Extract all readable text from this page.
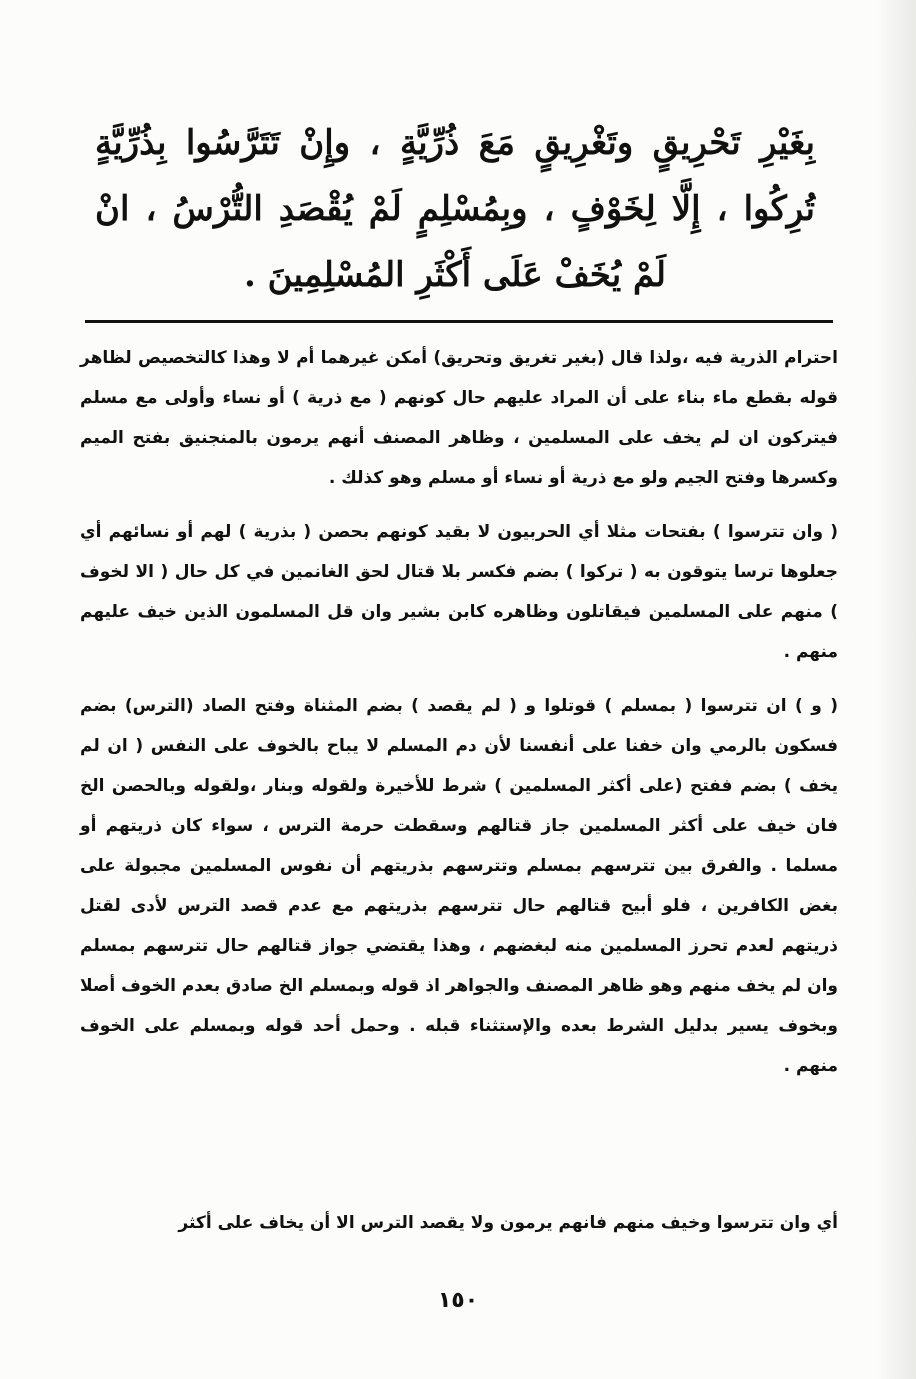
بِغَيْرِ تَحْرِيقٍ وتَغْرِيقٍ مَعَ ذُرِّيَّةٍ ، وإِنْ تَتَرَّسُوا بِذُرِّيَّةٍ تُرِكُوا ، إِلَّا لِخَوْفٍ ، وبِمُسْلِمٍ لَمْ يُقْصَدِ التُّرْسُ ، انْ لَمْ يُخَفْ عَلَى أَكْثَرِ المُسْلِمِينَ .

احترام الذرية فيه ،ولذا قال (بغير تغريق وتحريق) أمكن غيرهما أم لا وهذا كالتخصيص لظاهر قوله بقطع ماء بناء على أن المراد عليهم حال كونهم ( مع ذرية ) أو نساء وأولى مع مسلم فيتركون ان لم يخف على المسلمين ، وظاهر المصنف أنهم يرمون بالمنجنيق بفتح الميم وكسرها وفتح الجيم ولو مع ذرية أو نساء أو مسلم وهو كذلك .

( وان تترسوا ) بفتحات مثلا أي الحربيون لا بقيد كونهم بحصن ( بذرية ) لهم أو نسائهم أي جعلوها ترسا يتوقون به ( تركوا ) بضم فكسر بلا قتال لحق الغانمين في كل حال ( الا لخوف ) منهم على المسلمين فيقاتلون وظاهره كابن بشير وان قل المسلمون الذين خيف عليهم منهم .

( و ) ان تترسوا ( بمسلم ) قوتلوا و ( لم يقصد ) بضم المثناة وفتح الصاد (الترس) بضم فسكون بالرمي وان خفنا على أنفسنا لأن دم المسلم لا يباح بالخوف على النفس ( ان لم يخف ) بضم ففتح (على أكثر المسلمين ) شرط للأخيرة ولقوله وبنار ،ولقوله وبالحصن الخ فان خيف على أكثر المسلمين جاز قتالهم وسقطت حرمة الترس ، سواء كان ذريتهم أو مسلما . والفرق بين تترسهم بمسلم وتترسهم بذريتهم أن نفوس المسلمين مجبولة على بغض الكافرين ، فلو أبيح قتالهم حال تترسهم بذريتهم مع عدم قصد الترس لأدى لقتل ذريتهم لعدم تحرز المسلمين منه لبغضهم ، وهذا يقتضي جواز قتالهم حال تترسهم بمسلم وان لم يخف منهم وهو ظاهر المصنف والجواهر اذ قوله وبمسلم الخ صادق بعدم الخوف أصلا وبخوف يسير بدليل الشرط بعده والإستثناء قبله . وحمل أحد قوله وبمسلم على الخوف منهم .

أي وان تترسوا وخيف منهم فانهم يرمون ولا يقصد الترس الا أن يخاف على أكثر
١٥٠
